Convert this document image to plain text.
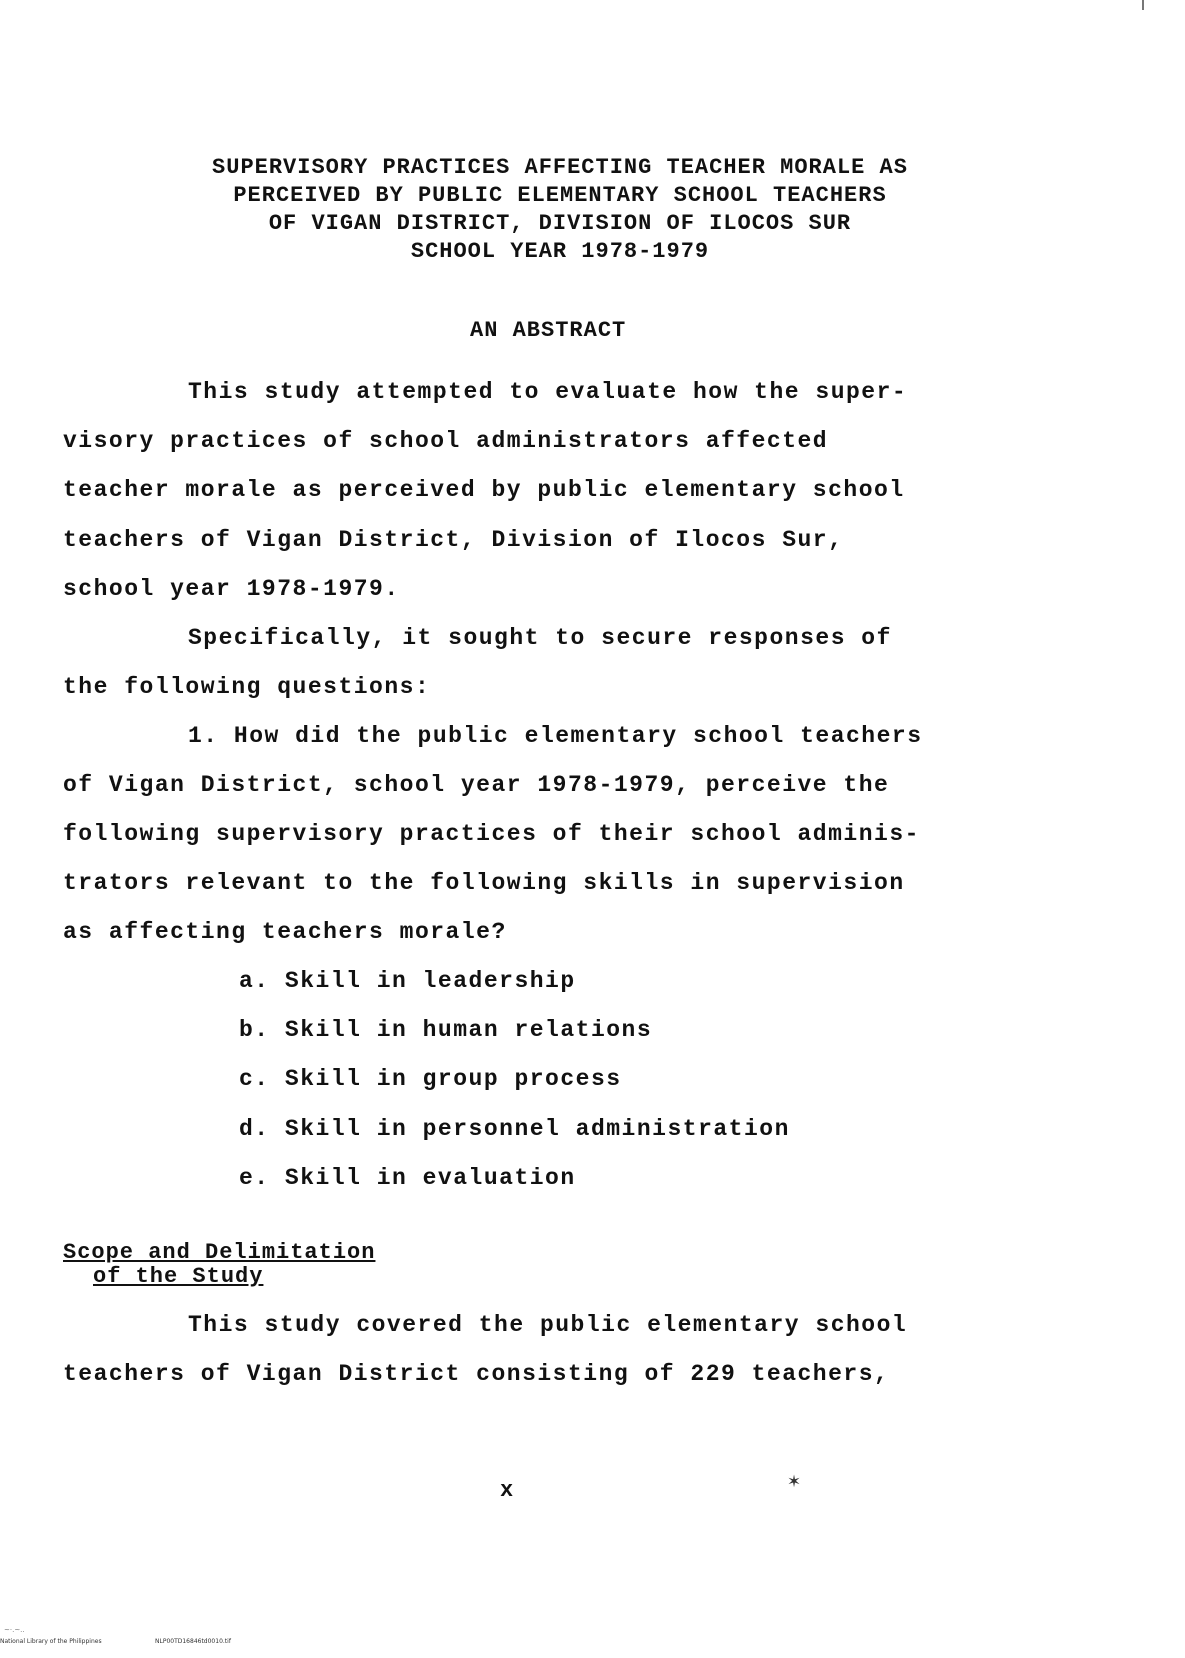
SUPERVISORY PRACTICES AFFECTING TEACHER MORALE AS
PERCEIVED BY PUBLIC ELEMENTARY SCHOOL TEACHERS
OF VIGAN DISTRICT, DIVISION OF ILOCOS SUR
SCHOOL YEAR 1978-1979
AN ABSTRACT
This study attempted to evaluate how the super-
visory practices of school administrators affected
teacher morale as perceived by public elementary school
teachers of Vigan District, Division of Ilocos Sur,
school year 1978-1979.
Specifically, it sought to secure responses of
the following questions:
1. How did the public elementary school teachers
of Vigan District, school year 1978-1979, perceive the
following supervisory practices of their school adminis-
trators relevant to the following skills in supervision
as affecting teachers morale?
a. Skill in leadership
b. Skill in human relations
c. Skill in group process
d. Skill in personnel administration
e. Skill in evaluation
Scope and Delimitation
of the Study
This study covered the public elementary school
teachers of Vigan District consisting of 229 teachers,
x	✶
~·.~..
National Library of the Philippines	NLP00TD16846td0010.tif
